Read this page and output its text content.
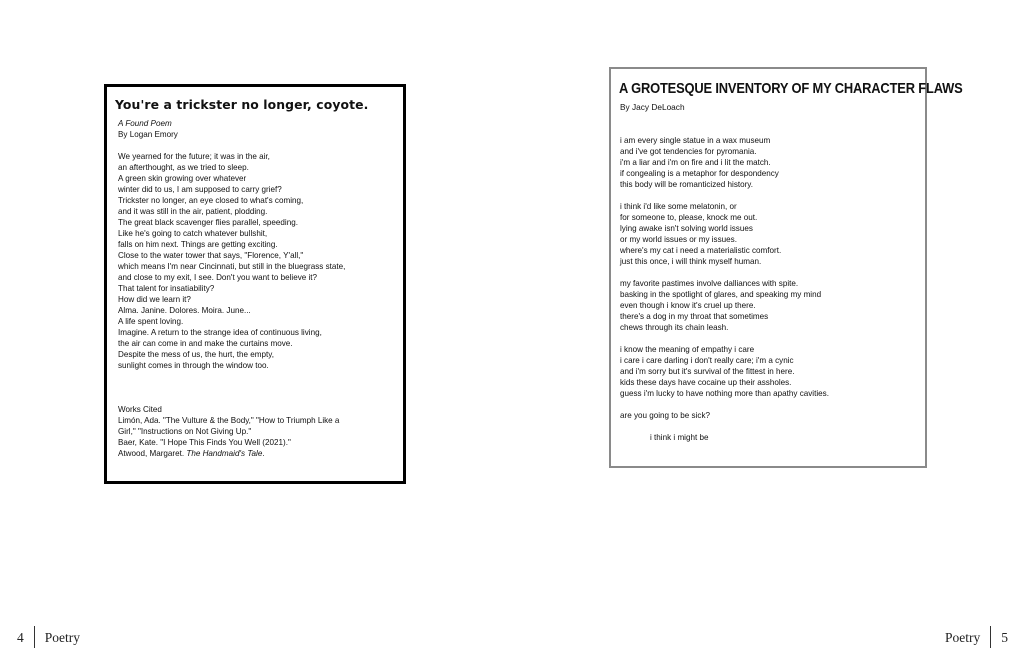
You're a trickster no longer, coyote.
A Found Poem
By Logan Emory
We yearned for the future; it was in the air,
an afterthought, as we tried to sleep.
A green skin growing over whatever
winter did to us, I am supposed to carry grief?
Trickster no longer, an eye closed to what's coming,
and it was still in the air, patient, plodding.
The great black scavenger flies parallel, speeding.
Like he's going to catch whatever bullshit,
falls on him next. Things are getting exciting.
Close to the water tower that says, "Florence, Y'all,"
which means I'm near Cincinnati, but still in the bluegrass state,
and close to my exit, I see. Don't you want to believe it?
That talent for insatiability?
How did we learn it?
Alma. Janine. Dolores. Moira. June...
A life spent loving.
Imagine. A return to the strange idea of continuous living,
the air can come in and make the curtains move.
Despite the mess of us, the hurt, the empty,
sunlight comes in through the window too.
Works Cited
Limón, Ada. "The Vulture & the Body," "How to Triumph Like a
Girl," "Instructions on Not Giving Up."
Baer, Kate. "I Hope This Finds You Well (2021)."
Atwood, Margaret. The Handmaid's Tale.
A GROTESQUE INVENTORY OF MY CHARACTER FLAWS
By Jacy DeLoach
i am every single statue in a wax museum
and i've got tendencies for pyromania.
i'm a liar and i'm on fire and i lit the match.
if congealing is a metaphor for despondency
this body will be romanticized history.
i think i'd like some melatonin, or
for someone to, please, knock me out.
lying awake isn't solving world issues
or my world issues or my issues.
where's my cat i need a materialistic comfort.
just this once, i will think myself human.
my favorite pastimes involve dalliances with spite.
basking in the spotlight of glares, and speaking my mind
even though i know it's cruel up there.
there's a dog in my throat that sometimes
chews through its chain leash.
i know the meaning of empathy i care
i care i care darling i don't really care; i'm a cynic
and i'm sorry but it's survival of the fittest in here.
kids these days have cocaine up their assholes.
guess i'm lucky to have nothing more than apathy cavities.
are you going to be sick?
i think i might be
4 Poetry	Poetry 5
